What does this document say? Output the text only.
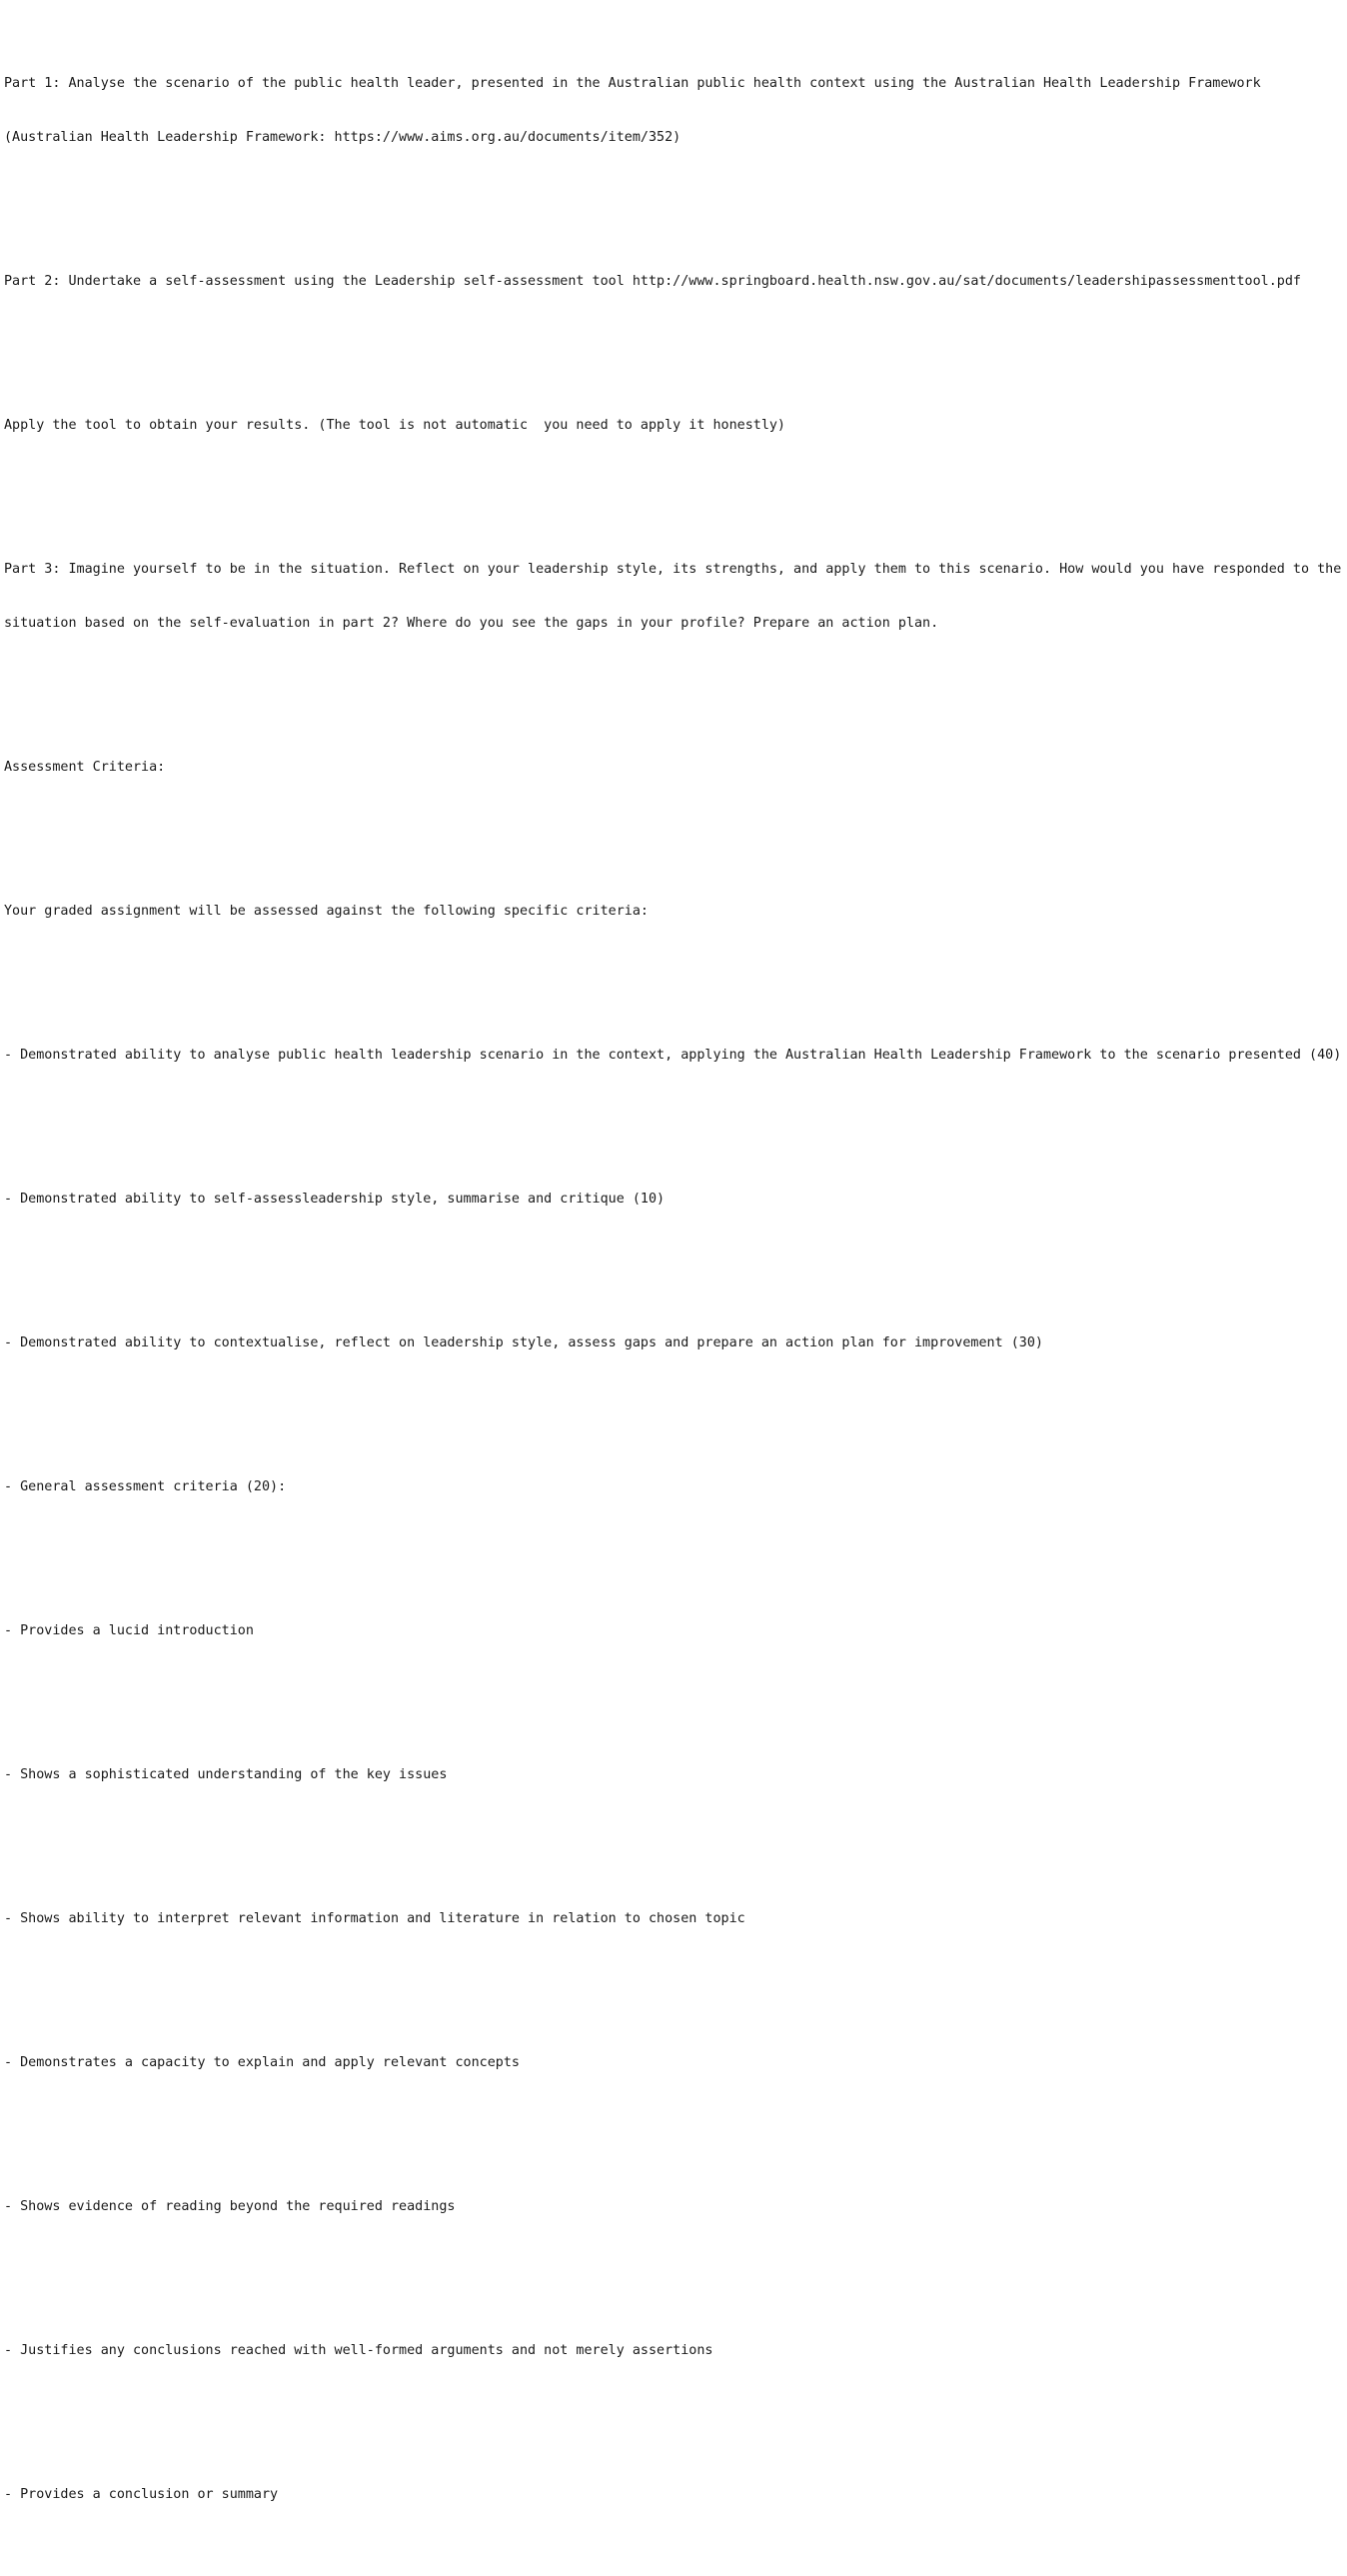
Part 1: Analyse the scenario of the public health leader, presented in the Australian public health context using the Australian Health Leadership Framework

(Australian Health Leadership Framework: https://www.aims.org.au/documents/item/352)

Part 2: Undertake a self-assessment using the Leadership self-assessment tool http://www.springboard.health.nsw.gov.au/sat/documents/leadershipassessmenttool.pdf

Apply the tool to obtain your results. (The tool is not automatic  you need to apply it honestly)

Part 3: Imagine yourself to be in the situation. Reflect on your leadership style, its strengths, and apply them to this scenario. How would you have responded to the

situation based on the self-evaluation in part 2? Where do you see the gaps in your profile? Prepare an action plan.

Assessment Criteria:

Your graded assignment will be assessed against the following specific criteria:

- Demonstrated ability to analyse public health leadership scenario in the context, applying the Australian Health Leadership Framework to the scenario presented (40)

- Demonstrated ability to self-assessleadership style, summarise and critique (10)

- Demonstrated ability to contextualise, reflect on leadership style, assess gaps and prepare an action plan for improvement (30)

- General assessment criteria (20):

- Provides a lucid introduction

- Shows a sophisticated understanding of the key issues

- Shows ability to interpret relevant information and literature in relation to chosen topic

- Demonstrates a capacity to explain and apply relevant concepts

- Shows evidence of reading beyond the required readings

- Justifies any conclusions reached with well-formed arguments and not merely assertions

- Provides a conclusion or summary
